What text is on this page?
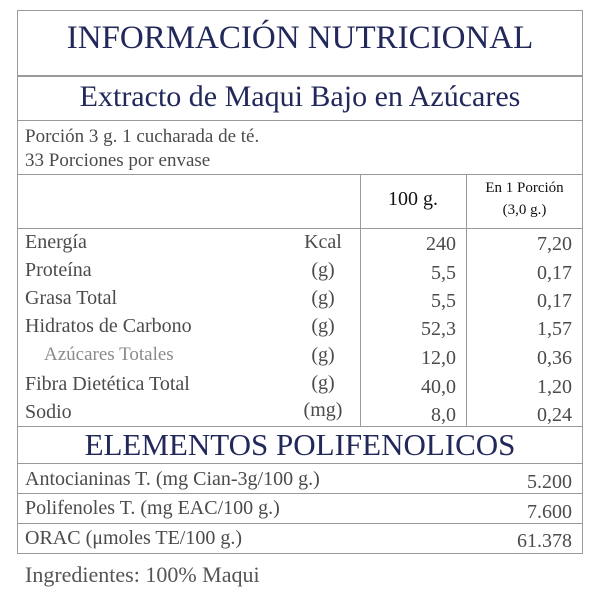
INFORMACIÓN NUTRICIONAL
Extracto de Maqui Bajo en Azúcares
Porción 3 g. 1 cucharada de té.
33 Porciones por envase
100 g.	En 1 Porción
(3,0 g.)
Energía	Kcal	240	7,20
Proteína	(g)	5,5	0,17
Grasa Total	(g)	5,5	0,17
Hidratos de Carbono	(g)	52,3	1,57
Azúcares Totales	(g)	12,0	0,36
Fibra Dietética Total	(g)	40,0	1,20
Sodio	(mg)	8,0	0,24
ELEMENTOS POLIFENOLICOS
Antocianinas T. (mg Cian-3g/100 g.)	5.200
Polifenoles T. (mg EAC/100 g.)	7.600
ORAC (μmoles TE/100 g.)	61.378
Ingredientes: 100% Maqui
